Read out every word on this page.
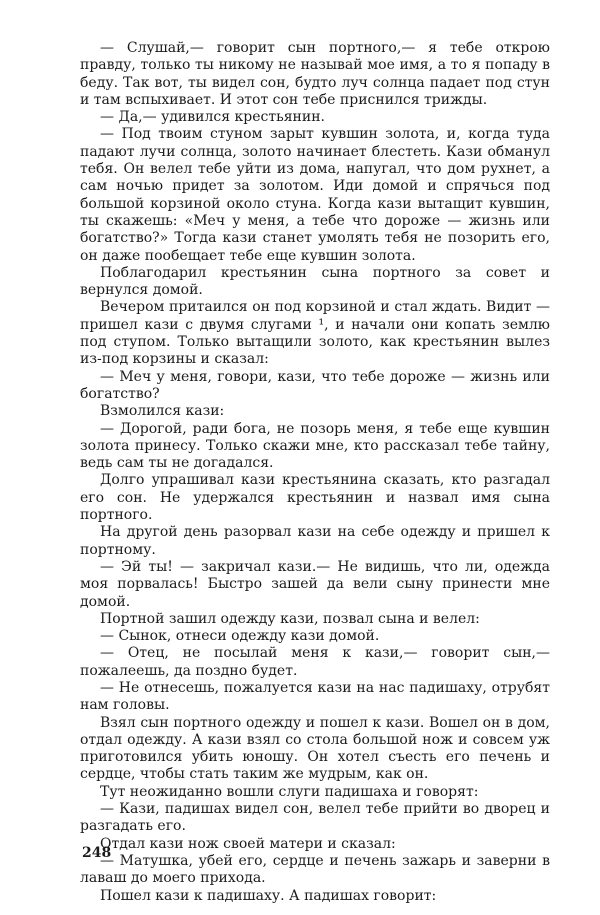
— Слушай,— говорит сын портного,— я тебе открою правду, только ты никому не называй мое имя, а то я попаду в беду. Так вот, ты видел сон, будто луч солнца падает под стун и там вспыхивает. И этот сон тебе приснился трижды.

— Да,— удивился крестьянин.

— Под твоим стуном зарыт кувшин золота, и, когда туда падают лучи солнца, золото начинает блестеть. Кази обманул тебя. Он велел тебе уйти из дома, напугал, что дом рухнет, а сам ночью придет за золотом. Иди домой и спрячься под большой корзиной около стуна. Когда кази вытащит кувшин, ты скажешь: «Меч у меня, а тебе что дороже — жизнь или богатство?» Тогда кази станет умолять тебя не позорить его, он даже пообещает тебе еще кувшин золота.

Поблагодарил крестьянин сына портного за совет и вернулся домой.

Вечером притаился он под корзиной и стал ждать. Видит — пришел кази с двумя слугами ¹, и начали они копать землю под ступом. Только вытащили золото, как крестьянин вылез из-под корзины и сказал:

— Меч у меня, говори, кази, что тебе дороже — жизнь или богатство?

Взмолился кази:

— Дорогой, ради бога, не позорь меня, я тебе еще кувшин золота принесу. Только скажи мне, кто рассказал тебе тайну, ведь сам ты не догадался.

Долго упрашивал кази крестьянина сказать, кто разгадал его сон. Не удержался крестьянин и назвал имя сына портного.

На другой день разорвал кази на себе одежду и пришел к портному.

— Эй ты! — закричал кази.— Не видишь, что ли, одежда моя порвалась! Быстро зашей да вели сыну принести мне домой.

Портной зашил одежду кази, позвал сына и велел:

— Сынок, отнеси одежду кази домой.

— Отец, не посылай меня к кази,— говорит сын,— пожалеешь, да поздно будет.

— Не отнесешь, пожалуется кази на нас падишаху, отрубят нам головы.

Взял сын портного одежду и пошел к кази. Вошел он в дом, отдал одежду. А кази взял со стола большой нож и совсем уж приготовился убить юношу. Он хотел съесть его печень и сердце, чтобы стать таким же мудрым, как он.

Тут неожиданно вошли слуги падишаха и говорят:

— Кази, падишах видел сон, велел тебе прийти во дворец и разгадать его.

Отдал кази нож своей матери и сказал:

— Матушка, убей его, сердце и печень зажарь и заверни в лаваш до моего прихода.

Пошел кази к падишаху. А падишах говорит:

248
